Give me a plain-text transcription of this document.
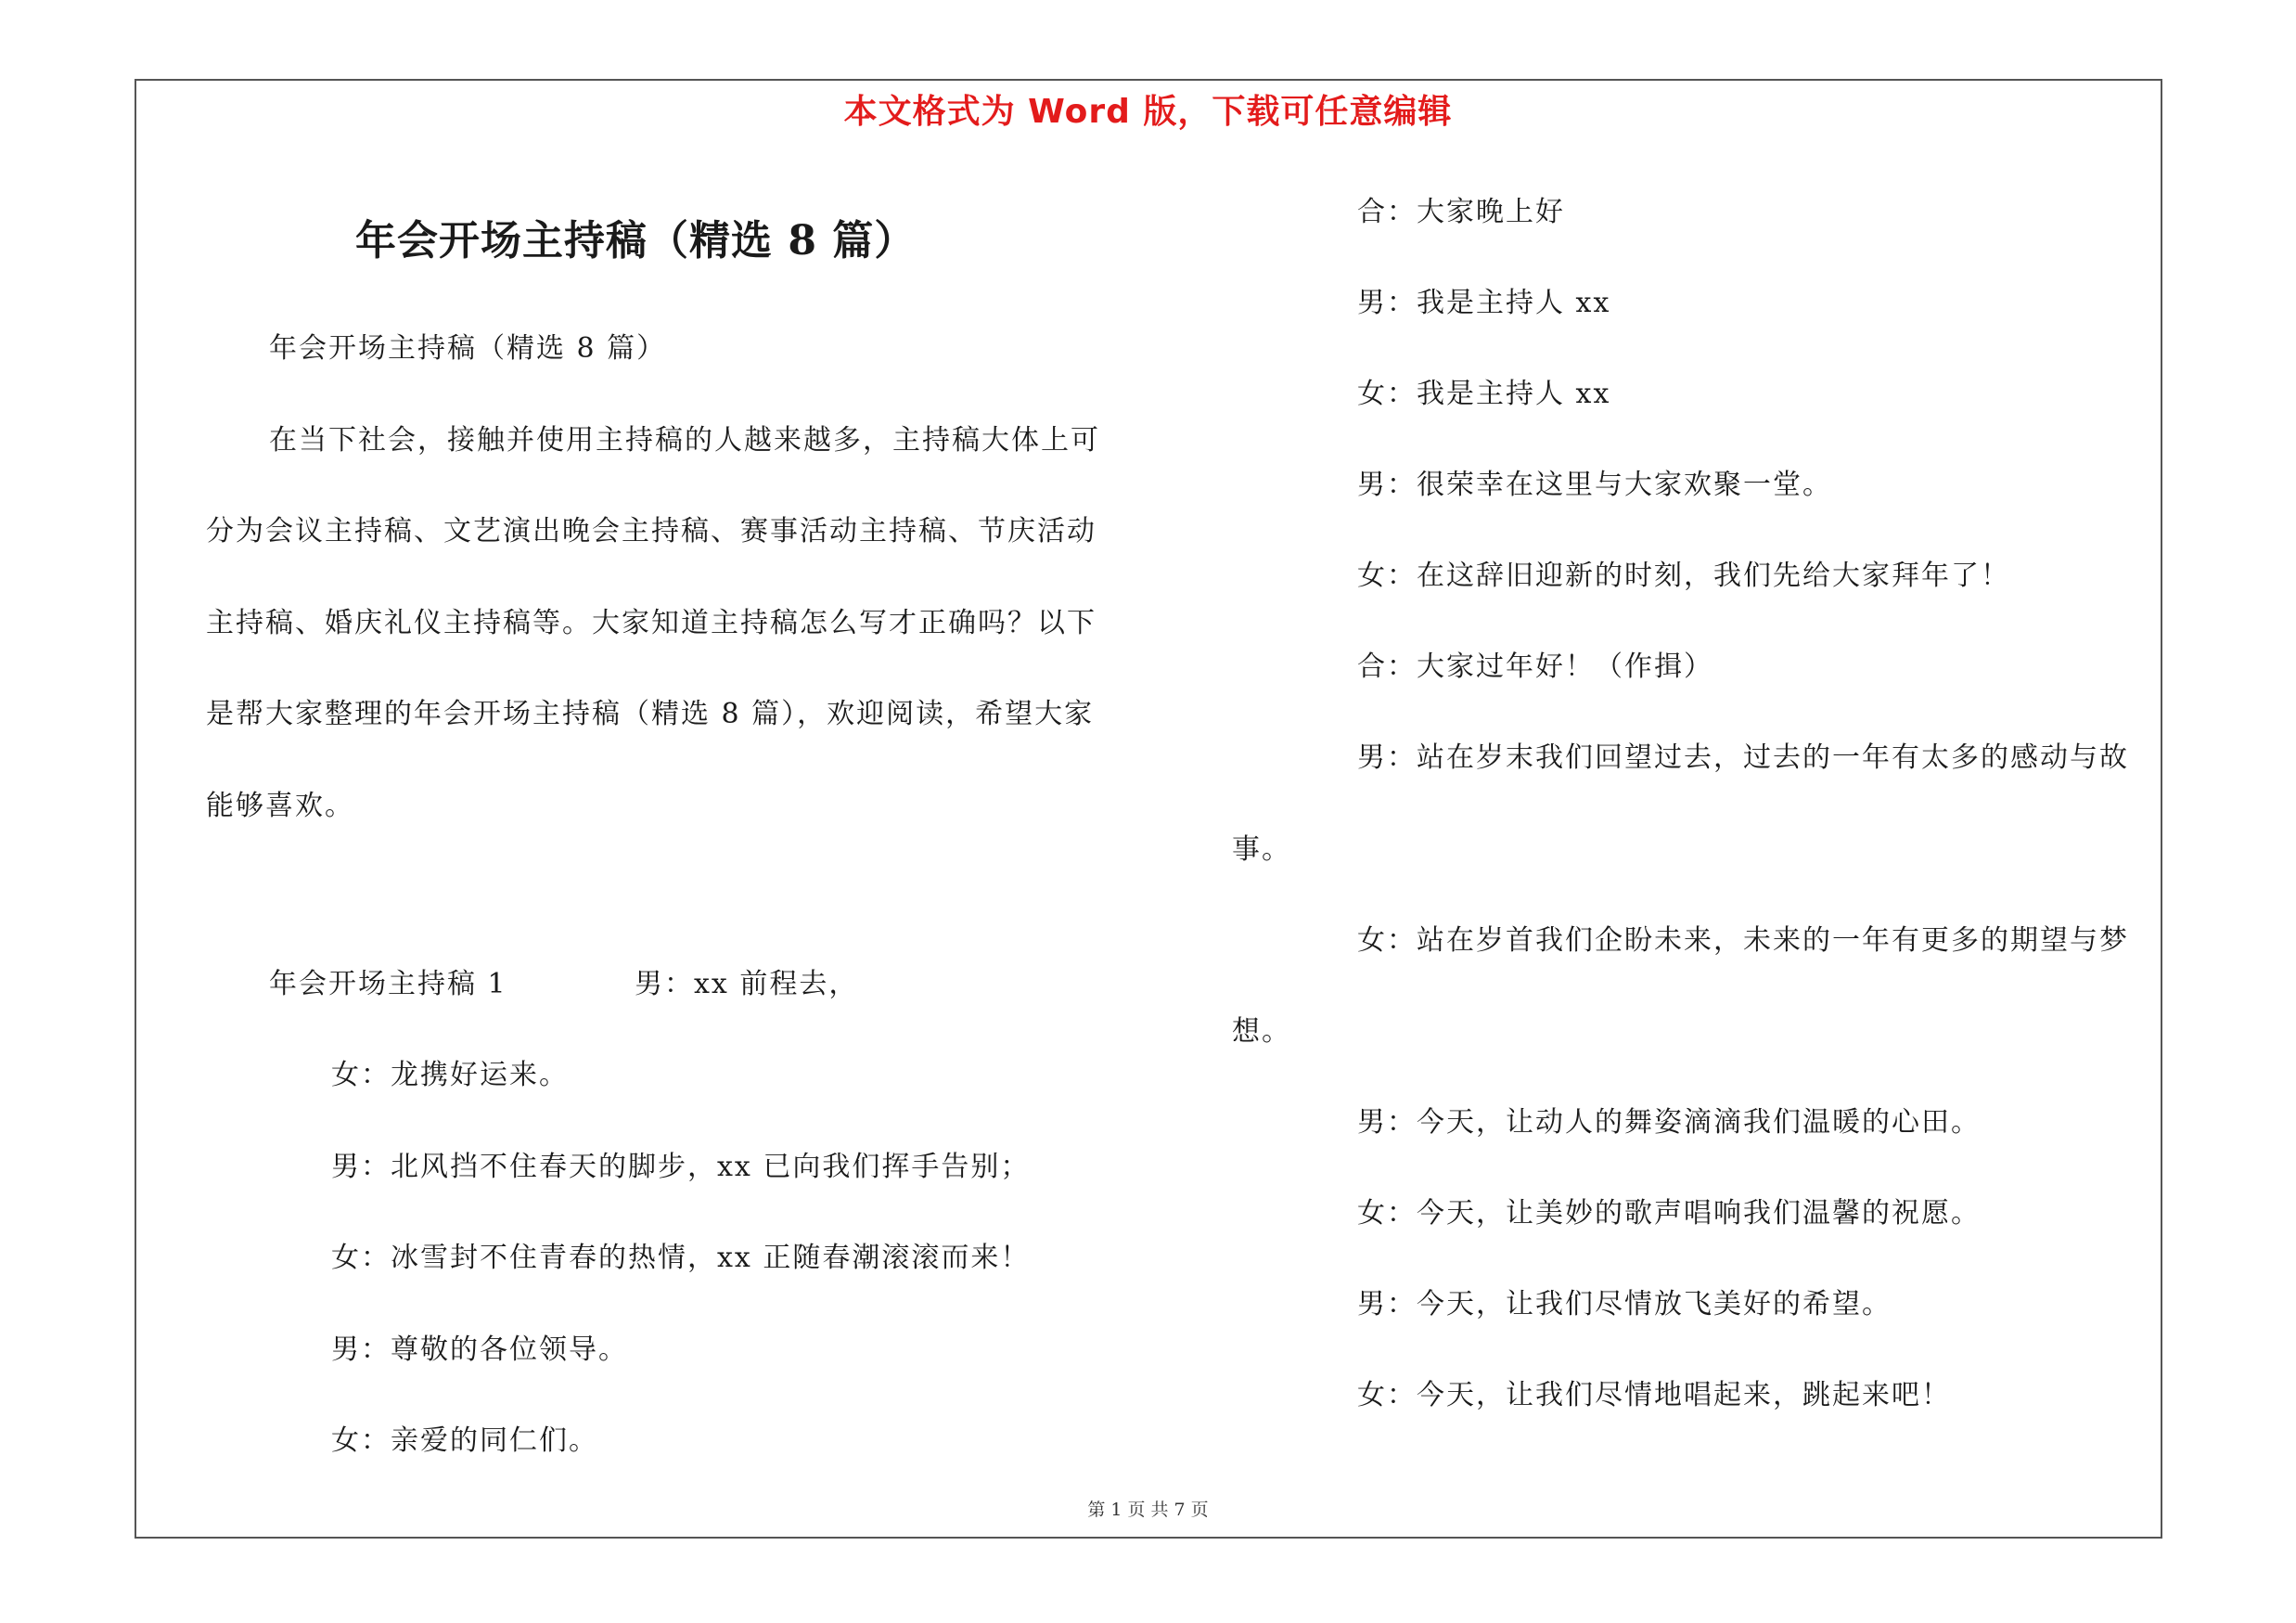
本文格式为 Word 版，下载可任意编辑
年会开场主持稿（精选 8 篇）
年会开场主持稿（精选 8 篇）
在当下社会，接触并使用主持稿的人越来越多，主持稿大体上可
分为会议主持稿、文艺演出晚会主持稿、赛事活动主持稿、节庆活动
主持稿、婚庆礼仪主持稿等。大家知道主持稿怎么写才正确吗？以下
是帮大家整理的年会开场主持稿（精选 8 篇），欢迎阅读，希望大家
能够喜欢。
年会开场主持稿 1	男：xx 前程去，
女：龙携好运来。
男：北风挡不住春天的脚步，xx 已向我们挥手告别；
女：冰雪封不住青春的热情，xx 正随春潮滚滚而来！
男：尊敬的各位领导。
女：亲爱的同仁们。
合：大家晚上好
男：我是主持人 xx
女：我是主持人 xx
男：很荣幸在这里与大家欢聚一堂。
女：在这辞旧迎新的时刻，我们先给大家拜年了！
合：大家过年好！（作揖）
男：站在岁末我们回望过去，过去的一年有太多的感动与故
事。
女：站在岁首我们企盼未来，未来的一年有更多的期望与梦
想。
男：今天，让动人的舞姿滴滴我们温暖的心田。
女：今天，让美妙的歌声唱响我们温馨的祝愿。
男：今天，让我们尽情放飞美好的希望。
女：今天，让我们尽情地唱起来，跳起来吧！
第 1 页 共 7 页
